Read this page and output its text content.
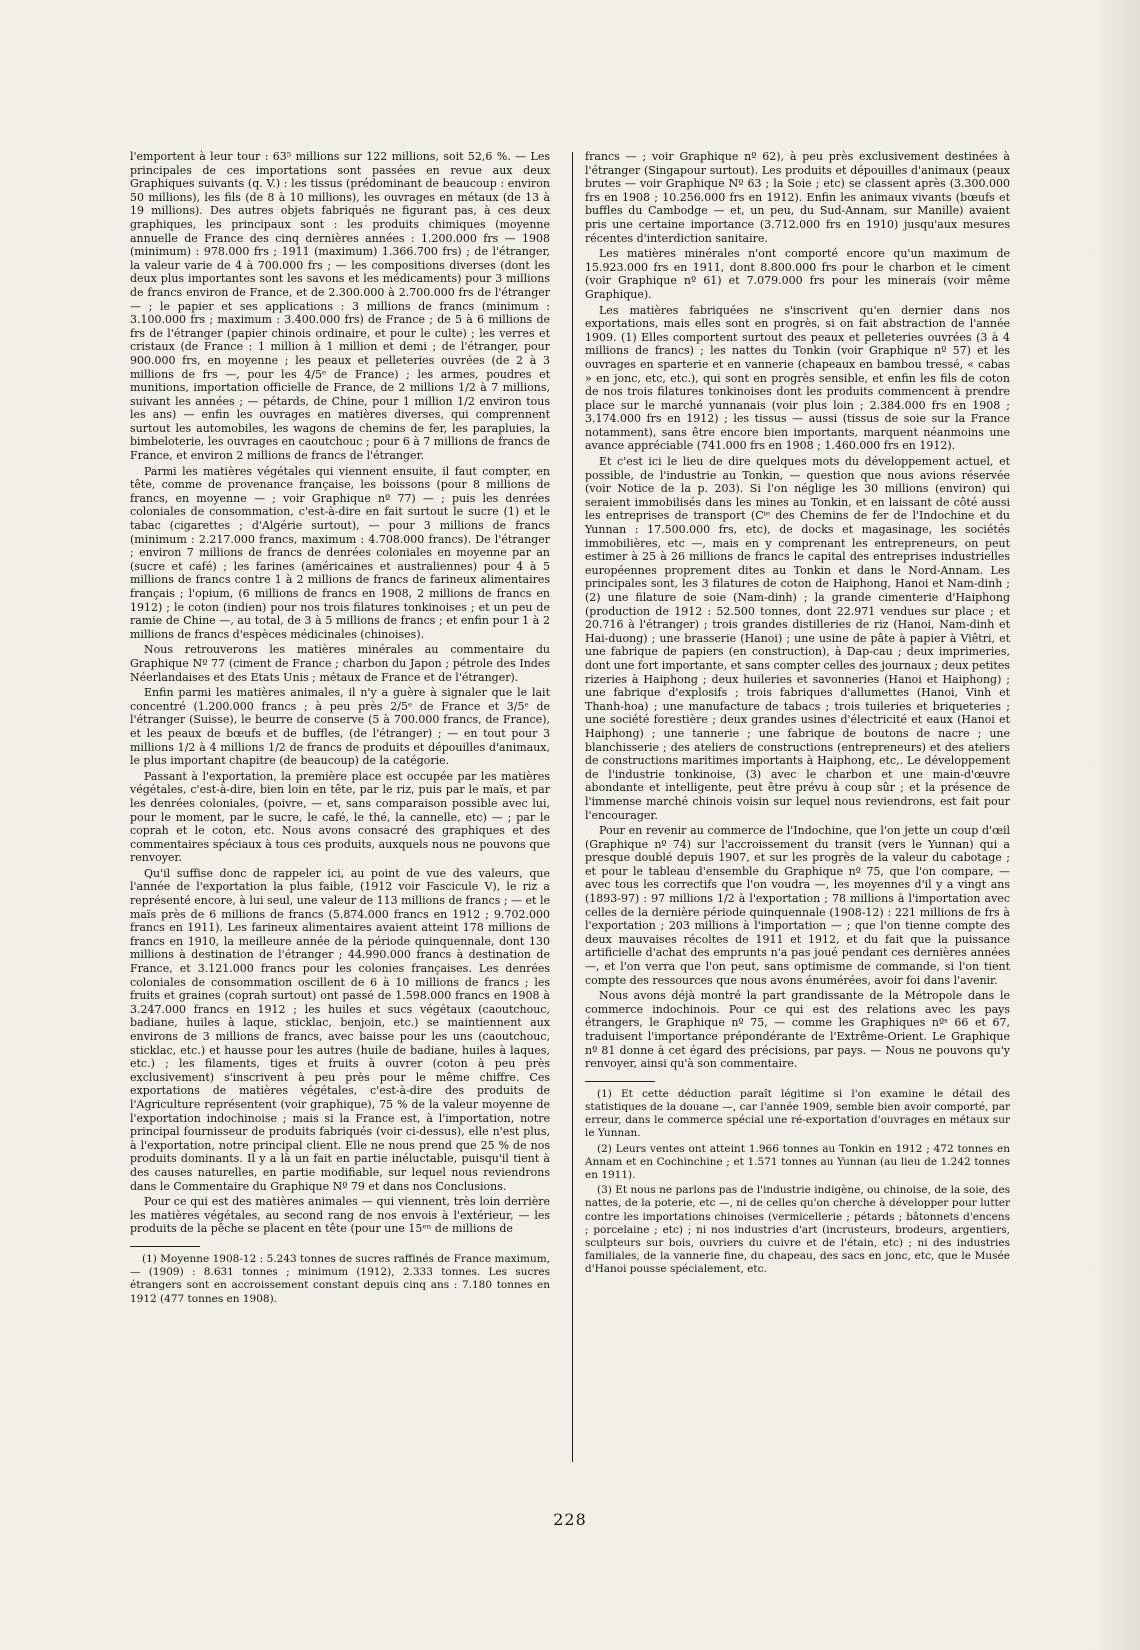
l'emportent à leur tour : 63⁵ millions sur 122 millions, soit 52,6 %. — Les principales de ces importations sont passées en revue aux deux Graphiques suivants (q. V.) : les tissus (prédominant de beaucoup : environ 50 millions), les fils (de 8 à 10 millions), les ouvrages en métaux (de 13 à 19 millions). Des autres objets fabriqués ne figurant pas, à ces deux graphiques, les principaux sont : les produits chimiques (moyenne annuelle de France des cinq dernières années : 1.200.000 frs — 1908 (minimum) : 978.000 frs ; 1911 (maximum) 1.366.700 frs) ; de l'étranger, la valeur varie de 4 à 700.000 frs ; — les compositions diverses (dont les deux plus importantes sont les savons et les médicaments) pour 3 millions de francs environ de France, et de 2.300.000 à 2.700.000 frs de l'étranger — ; le papier et ses applications : 3 millions de francs (minimum : 3.100.000 frs ; maximum : 3.400.000 frs) de France ; de 5 à 6 millions de frs de l'étranger (papier chinois ordinaire, et pour le culte) ; les verres et cristaux (de France : 1 million à 1 million et demi ; de l'étranger, pour 900.000 frs, en moyenne ; les peaux et pelleteries ouvrées (de 2 à 3 millions de frs —, pour les 4/5ᵉ de France) ; les armes, poudres et munitions, importation officielle de France, de 2 millions 1/2 à 7 millions, suivant les années ; — pétards, de Chine, pour 1 million 1/2 environ tous les ans) — enfin les ouvrages en matières diverses, qui comprennent surtout les automobiles, les wagons de chemins de fer, les parapluies, la bimbeloterie, les ouvrages en caoutchouc ; pour 6 à 7 millions de francs de France, et environ 2 millions de francs de l'étranger.

Parmi les matières végétales qui viennent ensuite, il faut compter, en tête, comme de provenance française, les boissons (pour 8 millions de francs, en moyenne — ; voir Graphique nº 77) — ; puis les denrées coloniales de consommation, c'est-à-dire en fait surtout le sucre (1) et le tabac (cigarettes ; d'Algérie surtout), — pour 3 millions de francs (minimum : 2.217.000 francs, maximum : 4.708.000 francs). De l'étranger ; environ 7 millions de francs de denrées coloniales en moyenne par an (sucre et café) ; les farines (américaines et australiennes) pour 4 à 5 millions de francs contre 1 à 2 millions de francs de farineux alimentaires français ; l'opium, (6 millions de francs en 1908, 2 millions de francs en 1912) ; le coton (indien) pour nos trois filatures tonkinoises ; et un peu de ramie de Chine —, au total, de 3 à 5 millions de francs ; et enfin pour 1 à 2 millions de francs d'espèces médicinales (chinoises).

Nous retrouverons les matières minérales au commentaire du Graphique Nº 77 (ciment de France ; charbon du Japon ; pétrole des Indes Néerlandaises et des Etats Unis ; métaux de France et de l'étranger).

Enfin parmi les matières animales, il n'y a guère à signaler que le lait concentré (1.200.000 francs ; à peu près 2/5ᵉ de France et 3/5ᵉ de l'étranger (Suisse), le beurre de conserve (5 à 700.000 francs, de France), et les peaux de bœufs et de buffles, (de l'étranger) ; — en tout pour 3 millions 1/2 à 4 millions 1/2 de francs de produits et dépouilles d'animaux, le plus important chapitre (de beaucoup) de la catégorie.

Passant à l'exportation, la première place est occupée par les matières végétales, c'est-à-dire, bien loin en tête, par le riz, puis par le maïs, et par les denrées coloniales, (poivre, — et, sans comparaison possible avec lui, pour le moment, par le sucre, le café, le thé, la cannelle, etc) — ; par le coprah et le coton, etc. Nous avons consacré des graphiques et des commentaires spéciaux à tous ces produits, auxquels nous ne pouvons que renvoyer.

Qu'il suffise donc de rappeler ici, au point de vue des valeurs, que l'année de l'exportation la plus faible, (1912 voir Fascicule V), le riz a représenté encore, à lui seul, une valeur de 113 millions de francs ; — et le maïs près de 6 millions de francs (5.874.000 francs en 1912 ; 9.702.000 francs en 1911). Les farineux alimentaires avaient atteint 178 millions de francs en 1910, la meilleure année de la période quinquennale, dont 130 millions à destination de l'étranger ; 44.990.000 francs à destination de France, et 3.121.000 francs pour les colonies françaises. Les denrées coloniales de consommation oscillent de 6 à 10 millions de francs ; les fruits et graines (coprah surtout) ont passé de 1.598.000 francs en 1908 à 3.247.000 francs en 1912 ; les huiles et sucs végétaux (caoutchouc, badiane, huiles à laque, sticklac, benjoin, etc.) se maintiennent aux environs de 3 millions de francs, avec baisse pour les uns (caoutchouc, sticklac, etc.) et hausse pour les autres (huile de badiane, huiles à laques, etc.) ; les filaments, tiges et fruits à ouvrer (coton à peu près exclusivement) s'inscrivent à peu près pour le même chiffre. Ces exportations de matières végétales, c'est-à-dire des produits de l'Agriculture représentent (voir graphique), 75 % de la valeur moyenne de l'exportation indochinoise ; mais si la France est, à l'importation, notre principal fournisseur de produits fabriqués (voir ci-dessus), elle n'est plus, à l'exportation, notre principal client. Elle ne nous prend que 25 % de nos produits dominants. Il y a là un fait en partie inéluctable, puisqu'il tient à des causes naturelles, en partie modifiable, sur lequel nous reviendrons dans le Commentaire du Graphique Nº 79 et dans nos Conclusions.

Pour ce qui est des matières animales — qui viennent, très loin derrière les matières végétales, au second rang de nos envois à l'extérieur, — les produits de la pêche se placent en tête (pour une 15ᵉⁿ de millions de

(1) Moyenne 1908-12 : 5.243 tonnes de sucres raffinés de France maximum, — (1909) : 8.631 tonnes ; minimum (1912), 2.333 tonnes. Les sucres étrangers sont en accroissement constant depuis cinq ans : 7.180 tonnes en 1912 (477 tonnes en 1908).

francs — ; voir Graphique nº 62), à peu près exclusivement destinées à l'étranger (Singapour surtout). Les produits et dépouilles d'animaux (peaux brutes — voir Graphique Nº 63 ; la Soie ; etc) se classent après (3.300.000 frs en 1908 ; 10.256.000 frs en 1912). Enfin les animaux vivants (bœufs et buffles du Cambodge — et, un peu, du Sud-Annam, sur Manille) avaient pris une certaine importance (3.712.000 frs en 1910) jusqu'aux mesures récentes d'interdiction sanitaire.

Les matières minérales n'ont comporté encore qu'un maximum de 15.923.000 frs en 1911, dont 8.800.000 frs pour le charbon et le ciment (voir Graphique nº 61) et 7.079.000 frs pour les minerais (voir même Graphique).

Les matières fabriquées ne s'inscrivent qu'en dernier dans nos exportations, mais elles sont en progrès, si on fait abstraction de l'année 1909. (1) Elles comportent surtout des peaux et pelleteries ouvrées (3 à 4 millions de francs) ; les nattes du Tonkin (voir Graphique nº 57) et les ouvrages en sparterie et en vannerie (chapeaux en bambou tressé, « cabas » en jonc, etc, etc.), qui sont en progrès sensible, et enfin les fils de coton de nos trois filatures tonkinoises dont les produits commencent à prendre place sur le marché yunnanais (voir plus loin ; 2.384.000 frs en 1908 ; 3.174.000 frs en 1912) ; les tissus — aussi (tissus de soie sur la France notamment), sans être encore bien importants, marquent néanmoins une avance appréciable (741.000 frs en 1908 ; 1.460.000 frs en 1912).

Et c'est ici le lieu de dire quelques mots du développement actuel, et possible, de l'industrie au Tonkin, — question que nous avions réservée (voir Notice de la p. 203). Si l'on néglige les 30 millions (environ) qui seraient immobilisés dans les mines au Tonkin, et en laissant de côté aussi les entreprises de transport (Cⁱᵉ des Chemins de fer de l'Indochine et du Yunnan : 17.500.000 frs, etc), de docks et magasinage, les sociétés immobilières, etc —, mais en y comprenant les entrepreneurs, on peut estimer à 25 à 26 millions de francs le capital des entreprises industrielles européennes proprement dites au Tonkin et dans le Nord-Annam. Les principales sont, les 3 filatures de coton de Haiphong, Hanoi et Nam-dinh ; (2) une filature de soie (Nam-dinh) ; la grande cimenterie d'Haiphong (production de 1912 : 52.500 tonnes, dont 22.971 vendues sur place ; et 20.716 à l'étranger) ; trois grandes distilleries de riz (Hanoi, Nam-dinh et Hai-duong) ; une brasserie (Hanoi) ; une usine de pâte à papier à Viêtri, et une fabrique de papiers (en construction), à Dap-cau ; deux imprimeries, dont une fort importante, et sans compter celles des journaux ; deux petites rizeries à Haiphong ; deux huileries et savonneries (Hanoi et Haiphong) ; une fabrique d'explosifs ; trois fabriques d'allumettes (Hanoi, Vinh et Thanh-hoa) ; une manufacture de tabacs ; trois tuileries et briqueteries ; une société forestière ; deux grandes usines d'électricité et eaux (Hanoi et Haiphong) ; une tannerie ; une fabrique de boutons de nacre ; une blanchisserie ; des ateliers de constructions (entrepreneurs) et des ateliers de constructions maritimes importants à Haiphong, etc,. Le développement de l'industrie tonkinoise, (3) avec le charbon et une main-d'œuvre abondante et intelligente, peut être prévu à coup sûr ; et la présence de l'immense marché chinois voisin sur lequel nous reviendrons, est fait pour l'encourager.

Pour en revenir au commerce de l'Indochine, que l'on jette un coup d'œil (Graphique nº 74) sur l'accroissement du transit (vers le Yunnan) qui a presque doublé depuis 1907, et sur les progrès de la valeur du cabotage ; et pour le tableau d'ensemble du Graphique nº 75, que l'on compare, — avec tous les correctifs que l'on voudra —, les moyennes d'il y a vingt ans (1893-97) : 97 millions 1/2 à l'exportation ; 78 millions à l'importation avec celles de la dernière période quinquennale (1908-12) : 221 millions de frs à l'exportation ; 203 millions à l'importation — ; que l'on tienne compte des deux mauvaises récoltes de 1911 et 1912, et du fait que la puissance artificielle d'achat des emprunts n'a pas joué pendant ces dernières années —, et l'on verra que l'on peut, sans optimisme de commande, si l'on tient compte des ressources que nous avons énumérées, avoir foi dans l'avenir.

Nous avons déjà montré la part grandissante de la Métropole dans le commerce indochinois. Pour ce qui est des relations avec les pays étrangers, le Graphique nº 75, — comme les Graphiques nºˢ 66 et 67, traduisent l'importance prépondérante de l'Extrême-Orient. Le Graphique nº 81 donne à cet égard des précisions, par pays. — Nous ne pouvons qu'y renvoyer, ainsi qu'à son commentaire.

(1) Et cette déduction paraît légitime si l'on examine le détail des statistiques de la douane —, car l'année 1909, semble bien avoir comporté, par erreur, dans le commerce spécial une ré-exportation d'ouvrages en métaux sur le Yunnan.

(2) Leurs ventes ont atteint 1.966 tonnes au Tonkin en 1912 ; 472 tonnes en Annam et en Cochinchine ; et 1.571 tonnes au Yunnan (au lieu de 1.242 tonnes en 1911).

(3) Et nous ne parlons pas de l'industrie indigène, ou chinoise, de la soie, des nattes, de la poterie, etc —, ni de celles qu'on cherche à développer pour lutter contre les importations chinoises (vermicellerie ; pétards ; bâtonnets d'encens ; porcelaine ; etc) ; ni nos industries d'art (incrusteurs, brodeurs, argentiers, sculpteurs sur bois, ouvriers du cuivre et de l'étain, etc) ; ni des industries familiales, de la vannerie fine, du chapeau, des sacs en jonc, etc, que le Musée d'Hanoi pousse spécialement, etc.

228
